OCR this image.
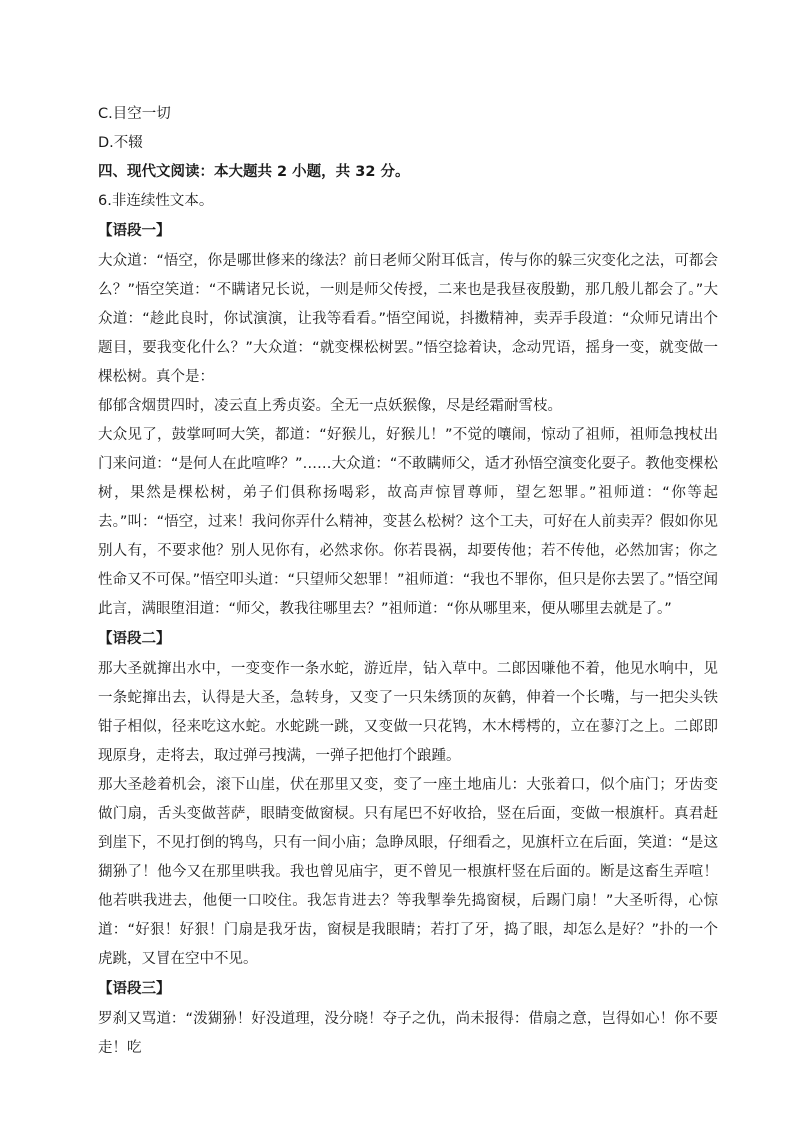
C.目空一切

D.不辍

四、现代文阅读：本大题共 2 小题，共 32 分。

6.非连续性文本。

【语段一】

大众道：“悟空，你是哪世修来的缘法？前日老师父附耳低言，传与你的躲三灾变化之法，可都会么？”悟空笑道：“不瞒诸兄长说，一则是师父传授，二来也是我昼夜殷勤，那几般儿都会了。”大众道：“趁此良时，你试演演，让我等看看。”悟空闻说，抖擞精神，卖弄手段道：“众师兄请出个题目，要我变化什么？”大众道：“就变棵松树罢。”悟空捻着诀，念动咒语，摇身一变，就变做一棵松树。真个是：

郁郁含烟贯四时，凌云直上秀贞姿。全无一点妖猴像，尽是经霜耐雪枝。

大众见了，鼓掌呵呵大笑，都道：“好猴儿，好猴儿！”不觉的嚷闹，惊动了祖师，祖师急拽杖出门来问道：“是何人在此喧哗？”……大众道：“不敢瞒师父，适才孙悟空演变化耍子。教他变棵松树，果然是棵松树，弟子们俱称扬喝彩，故高声惊冒尊师，望乞恕罪。”祖师道：“你等起去。”叫：“悟空，过来！我问你弄什么精神，变甚么松树？这个工夫，可好在人前卖弄？假如你见别人有，不要求他？别人见你有，必然求你。你若畏祸，却要传他；若不传他，必然加害；你之性命又不可保。”悟空叩头道：“只望师父恕罪！”祖师道：“我也不罪你，但只是你去罢了。”悟空闻此言，满眼堕泪道：“师父，教我往哪里去？”祖师道：“你从哪里来，便从哪里去就是了。”

【语段二】

那大圣就撺出水中，一变变作一条水蛇，游近岸，钻入草中。二郎因嗛他不着，他见水响中，见一条蛇撺出去，认得是大圣，急转身，又变了一只朱绣顶的灰鹤，伸着一个长嘴，与一把尖头铁钳子相似，径来吃这水蛇。水蛇跳一跳，又变做一只花鸨，木木樗樗的，立在蓼汀之上。二郎即现原身，走将去，取过弹弓拽满，一弹子把他打个踉踵。

那大圣趁着机会，滚下山崖，伏在那里又变，变了一座土地庙儿：大张着口，似个庙门；牙齿变做门扇，舌头变做菩萨，眼睛变做窗棂。只有尾巴不好收拾，竖在后面，变做一根旗杆。真君赶到崖下，不见打倒的鸨鸟，只有一间小庙；急睁凤眼，仔细看之，见旗杆立在后面，笑道：“是这猢狲了！他今又在那里哄我。我也曾见庙宇，更不曾见一根旗杆竖在后面的。断是这畜生弄喧！他若哄我进去，他便一口咬住。我怎肯进去？等我掣拳先捣窗棂，后踢门扇！”大圣听得，心惊道：“好狠！好狠！门扇是我牙齿，窗棂是我眼睛；若打了牙，捣了眼，却怎么是好？”扑的一个虎跳，又冒在空中不见。

【语段三】

罗刹又骂道：“泼猢狲！好没道理，没分晓！夺子之仇，尚未报得：借扇之意，岂得如心！你不要走！吃
